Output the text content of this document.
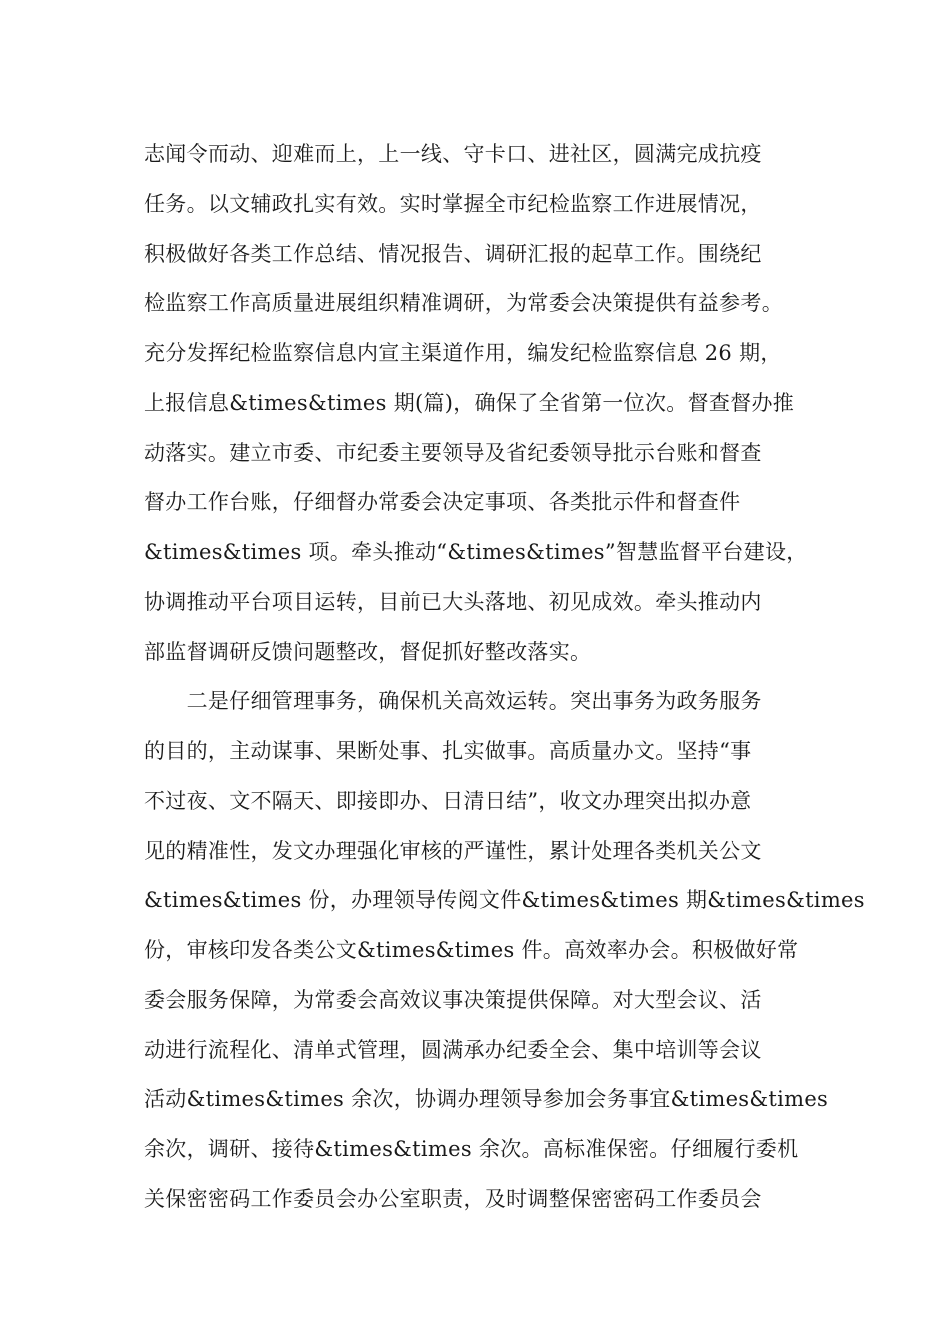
志闻令而动、迎难而上，上一线、守卡口、进社区，圆满完成抗疫
任务。以文辅政扎实有效。实时掌握全市纪检监察工作进展情况，
积极做好各类工作总结、情况报告、调研汇报的起草工作。围绕纪
检监察工作高质量进展组织精准调研，为常委会决策提供有益参考。
充分发挥纪检监察信息内宣主渠道作用，编发纪检监察信息 26 期，
上报信息&times&times 期(篇)，确保了全省第一位次。督查督办推
动落实。建立市委、市纪委主要领导及省纪委领导批示台账和督查
督办工作台账，仔细督办常委会决定事项、各类批示件和督查件
&times&times 项。牵头推动“&times&times”智慧监督平台建设，
协调推动平台项目运转，目前已大头落地、初见成效。牵头推动内
部监督调研反馈问题整改，督促抓好整改落实。
　　二是仔细管理事务，确保机关高效运转。突出事务为政务服务
的目的，主动谋事、果断处事、扎实做事。高质量办文。坚持“事
不过夜、文不隔天、即接即办、日清日结”，收文办理突出拟办意
见的精准性，发文办理强化审核的严谨性，累计处理各类机关公文
&times&times 份，办理领导传阅文件&times&times 期&times&times
份，审核印发各类公文&times&times 件。高效率办会。积极做好常
委会服务保障，为常委会高效议事决策提供保障。对大型会议、活
动进行流程化、清单式管理，圆满承办纪委全会、集中培训等会议
活动&times&times 余次，协调办理领导参加会务事宜&times&times
余次，调研、接待&times&times 余次。高标准保密。仔细履行委机
关保密密码工作委员会办公室职责，及时调整保密密码工作委员会
